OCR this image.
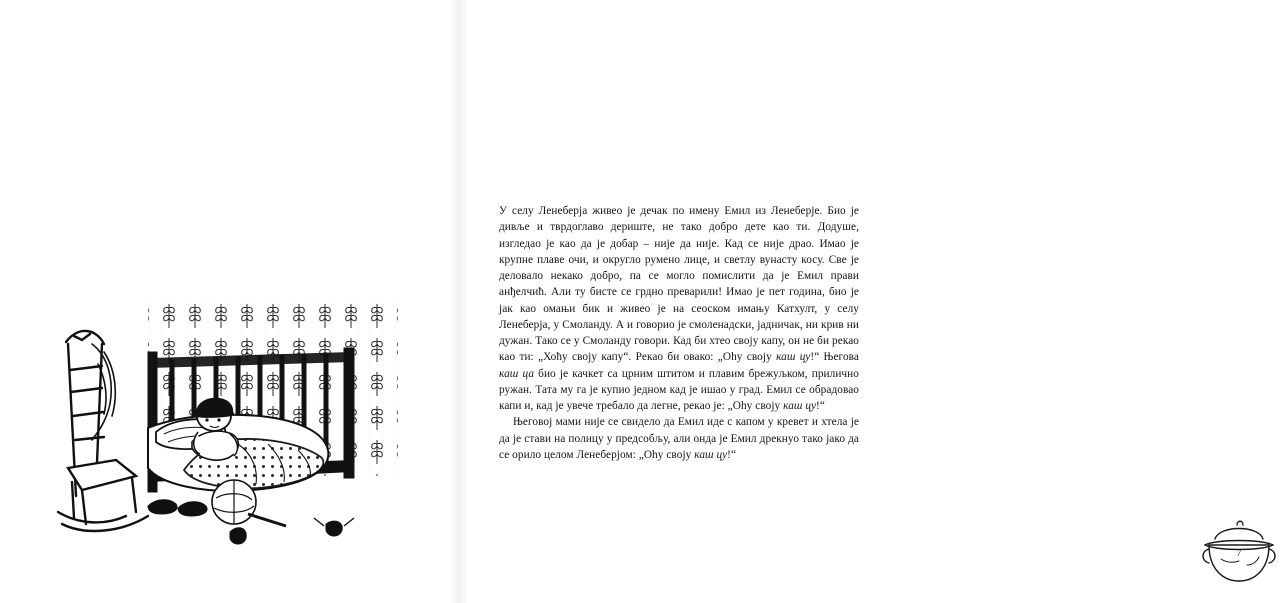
У селу Ленеберја живео је дечак по имену Емил из Ленеберје. Био је дивље и тврдоглаво дериште, не тако добро дете као ти. Додуше, изгледао је као да је добар – није да није. Кад се није драо. Имао је крупне плаве очи, и округло румено лице, и светлу вунасту косу. Све је деловало некако добро, па се могло помислити да је Емил прави анђелчић. Али ту бисте се грдно преварили! Имао је пет година, био је јак као омањи бик и живео је на сеоском имању Катхулт, у селу Ленеберја, у Смоланду. А и говорио је смоленадски, јадничак, ни крив ни дужан. Тако се у Смоланду говори. Кад би хтео своју капу, он не би рекао као ти: „Хоћу своју капу“. Рекао би овако: „Оhу своју каш цу!“ Његова каш ца био је качкет са црним штитом и плавим брежуљком, прилично ружан. Тата му га је купио једном кад је ишао у град. Емил се обрадовао капи и, кад је увече требало да легне, рекао је: „Оhу своју каш цу!“

Његовој мами није се свидело да Емил иде с капом у кревет и хтела је да је стави на полицу у предсобљу, али онда је Емил дрекнуо тако јако да се орило целом Ленеберјом: „Оhу своју каш цу!“

7
